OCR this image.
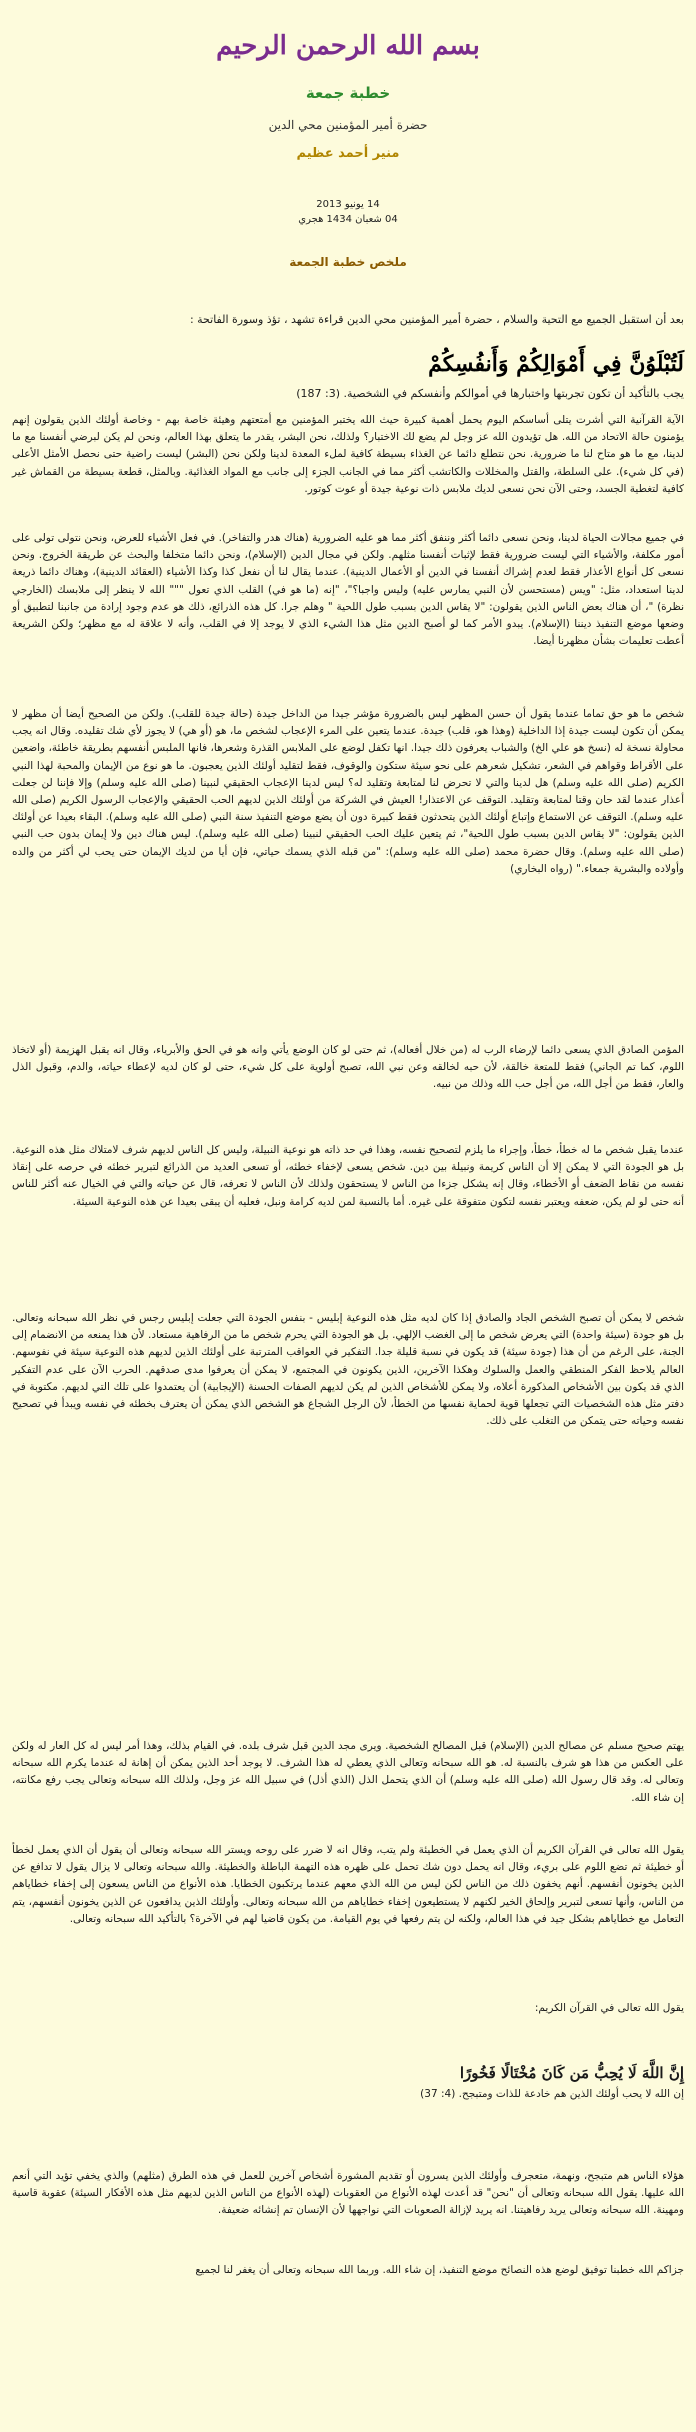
بسم الله الرحمن الرحيم
خطبة جمعة
حضرة أمير المؤمنين محي الدين
منير أحمد عظيم
14 يونيو 2013
04 شعبان 1434 هجري
ملخص خطبة الجمعة
بعد أن استقبل الجميع مع التحية والسلام ، حضرة أمير المؤمنين محي الدين قراءة تشهد ، تؤذ وسورة الفاتحة :
لَتُبْلَوُنَّ فِي أَمْوَالِكُمْ وَأَنفُسِكُمْ
يجب بالتأكيد أن تكون تجربتها واختبارها في أموالكم وأنفسكم في الشخصية. (3: 187)

الآية القرآنية التي أشرت يتلى أساسكم اليوم يحمل أهمية كبيرة حيث الله يختبر المؤمنين مع أمتعتهم وهيئة خاصة بهم - وخاصة أولئك الذين يقولون إنهم يؤمنون حالة الاتحاد من الله. هل تؤيدون الله عز وجل لم يضع لك الاختبار؟ ولذلك، نحن البشر، يقدر ما يتعلق بهذا العالم، ونحن لم يكن لبرضي أنفسنا مع ما لدينا، مع ما هو متاح لنا ما ضرورية. نحن نتطلع دائما عن الغذاء بسيطة كافية لملء المعدة لدينا ولكن نحن (البشر) ليست راضية حتى نحصل الأمثل الأعلى (في كل شيء). على السلطة، والقتل والمخللات والكاتشب أكثر مما في الجانب الجزء إلى جانب مع المواد الغذائية. وبالمثل، قطعة بسيطة من القماش غير كافية لتغطية الجسد، وحتى الآن نحن نسعى لديك ملابس ذات نوعية جيدة أو عوت كوتور.

في جميع مجالات الحياة لدينا، ونحن نسعى دائما أكثر وننفق أكثر مما هو عليه الضرورية (هناك هدر والتفاخر). في فعل الأشياء للعرض، ونحن نتولى تولى على أمور مكلفة، والأشياء التي ليست ضرورية فقط لإثبات أنفسنا مثلهم. ولكن في مجال الدين (الإسلام)، ونحن دائما متخلفا والبحث عن طريقة الخروج. ونحن نسعى كل أنواع الأعذار فقط لعدم إشراك أنفسنا في الدين أو الأعمال الدينية). عندما يقال لنا أن نفعل كذا وكذا الأشياء (العقائد الدينية)، وهناك دائما ذريعة لدينا استعداد، مثل: "ويس (مستحسن لأن النبي يمارس عليه) وليس واجبا؟"، "إنه (ما هو في) القلب الذي تعول """ الله لا ينظر إلى ملابسك (الخارجي نظرة) "، أن هناك بعض الناس الذين يقولون: "لا يقاس الدين بسبب طول اللحية " وهلم جرا. كل هذه الذرائع، ذلك هو عدم وجود إرادة من جانبنا لتطبيق أو وضعها موضع التنفيذ ديننا (الإسلام). يبدو الأمر كما لو أصبح الدين مثل هذا الشيء الذي لا يوجد إلا في القلب، وأنه لا علاقة له مع مظهر؛ ولكن الشريعة أعطت تعليمات بشأن مظهرنا أيضا.

شخص ما هو حق تماما عندما يقول أن حسن المظهر ليس بالضرورة مؤشر جيدا من الداخل جيدة (حالة جيدة للقلب). ولكن من الصحيح أيضا أن مظهر لا يمكن أن تكون ليست جيدة إذا الداخلية (وهذا هو، قلب) جيدة. عندما يتعين على المرء الإعجاب لشخص ما، هو (أو هي) لا يجوز لأي شك تقليده. وقال انه يجب محاولة نسخة له (نسخ هو علي الخ) والشباب يعرفون ذلك جيدا. انها تكفل لوضع على الملابس القذرة وشعرها، فانها الملبس أنفسهم بطريقة خاطئة، واضعين على الأقراط وقواهم في الشعر، تشكيل شعرهم على نحو سيئة ستكون والوقوف، فقط لتقليد أولئك الذين يعجبون. ما هو نوع من الإيمان والمحبة لهذا النبي الكريم (صلى الله عليه وسلم) هل لدينا والتي لا تحرض لنا لمتابعة وتقليد له؟ ليس لدينا الإعجاب الحقيقي لنبينا (صلى الله عليه وسلم) وإلا فإننا لن جعلت أعذار عندما لقد حان وقتا لمتابعة وتقليد. التوقف عن الاعتذار! العيش في الشركة من أولئك الذين لديهم الحب الحقيقي والإعجاب الرسول الكريم (صلى الله عليه وسلم). التوقف عن الاستماع وإتباع أولئك الذين يتحدثون فقط كبيرة دون أن يضع موضع التنفيذ سنة النبي (صلى الله عليه وسلم). البقاء بعيدا عن أولئك الذين يقولون: "لا يقاس الدين بسبب طول اللحية"، ثم يتعين عليك الحب الحقيقي لنبينا (صلى الله عليه وسلم). ليس هناك دين ولا إيمان بدون حب النبي (صلى الله عليه وسلم). وقال حضرة محمد (صلى الله عليه وسلم): "من قبله الذي يسمك حياتي، فإن أيا من لديك الإيمان حتى يحب لي أكثر من والده وأولاده والبشرية جمعاء." (رواه البخاري)

المؤمن الصادق الذي يسعى دائما لإرضاء الرب له (من خلال أفعاله)، ثم حتى لو كان الوضع يأتي وانه هو في الحق والأبرياء، وقال انه يقبل الهزيمة (أو لاتخاذ اللوم، كما تم الجاني) فقط للمتعة خالقة، لأن حبه لخالقه وعن نبي الله، تصبح أولوية على كل شيء، حتى لو كان لديه لإعطاء حياته، والدم، وقبول الذل والعار، فقط من أجل الله، من أجل حب الله وذلك من نبيه.

عندما يقبل شخص ما له خطأ، خطأ، وإجراء ما يلزم لتصحيح نفسه، وهذا في حد ذاته هو نوعية النبيلة، وليس كل الناس لديهم شرف لامتلاك مثل هذه النوعية. بل هو الجودة التي لا يمكن إلا أن الناس كريمة ونبيلة بين دين. شخص يسعى لإخفاء خطئه، أو تسعى العديد من الذرائع لتبرير خطئه في حرصه على إنقاذ نفسه من نقاط الضعف أو الأخطاء، وقال إنه يشكل جزءا من الناس لا يستحقون ولذلك لأن الناس لا تعرفه، قال عن حياته والتي في الخيال عنه أكثر للناس أنه حتى لو لم يكن، ضعفه ويعتبر نفسه لتكون متفوقة على غيره. أما بالنسبة لمن لديه كرامة ونبل، فعليه أن يبقى بعيدا عن هذه النوعية السيئة.

شخص لا يمكن أن تصبح الشخص الجاد والصادق إذا كان لديه مثل هذه النوعية إبليس - بنفس الجودة التي جعلت إبليس رجس في نظر الله سبحانه وتعالى. بل هو جودة (سيئة واحدة) التي يعرض شخص ما إلى الغضب الإلهي. بل هو الجودة التي يحرم شخص ما من الرفاهية مستعاد. لأن هذا يمنعه من الانضمام إلى الجنة، على الرغم من أن هذا (جودة سيئة) قد يكون في نسبة قليلة جدا. التفكير في العواقب المترتبة على أولئك الذين لديهم هذه النوعية سيئة في نفوسهم. العالم يلاحظ الفكر المنطقي والعمل والسلوك وهكذا الآخرين، الذين يكونون في المجتمع، لا يمكن أن يعرفوا مدى صدقهم. الحرب الآن على عدم التفكير الذي قد يكون بين الأشخاص المذكورة أعلاه، ولا يمكن للأشخاص الذين لم يكن لديهم الصفات الحسنة (الإيجابية) أن يعتمدوا على تلك التي لديهم. مكتوبة في دفتر مثل هذه الشخصيات التي تجعلها قوية لحماية نفسها من الخطأ، لأن الرجل الشجاع هو الشخص الذي يمكن أن يعترف بخطئه في نفسه ويبدأ في تصحيح نفسه وحياته حتى يتمكن من التغلب على ذلك.

يهتم صحيح مسلم عن مصالح الدين (الإسلام) قبل المصالح الشخصية. ويرى مجد الدين قبل شرف بلده. في القيام بذلك، وهذا أمر ليس له كل العار له ولكن على العكس من هذا هو شرف بالنسبة له. هو الله سبحانه وتعالى الذي يعطي له هذا الشرف. لا يوجد أحد الذين يمكن أن إهانة له عندما يكرم الله سبحانه وتعالى له. وقد قال رسول الله (صلى الله عليه وسلم) أن الذي يتحمل الذل (الذي أذل) في سبيل الله عز وجل، ولذلك الله سبحانه وتعالى يجب رفع مكانته، إن شاء الله.

يقول الله تعالى في القرآن الكريم أن الذي يعمل في الخطيئة ولم يتب، وقال انه لا ضرر على روحه ويستر الله سبحانه وتعالى أن يقول أن الذي يعمل لخطأ أو خطيئة ثم تضع اللوم على بريء، وقال انه يحمل دون شك تحمل على ظهره هذه التهمة الباطلة والخطيئة. والله سبحانه وتعالى لا يزال يقول لا تدافع عن الذين يخونون أنفسهم. أنهم يخفون ذلك من الناس لكن ليس من الله الذي معهم عندما يرتكبون الخطايا. هذه الأنواع من الناس يسعون إلى إخفاء خطاياهم من الناس، وأنها تسعى لتبرير وإلحاق الخير لكنهم لا يستطيعون إخفاء خطاياهم من الله سبحانه وتعالى. وأولئك الذين يدافعون عن الذين يخونون أنفسهم، يتم التعامل مع خطاياهم بشكل جيد في هذا العالم، ولكنه لن يتم رفعها في يوم القيامة. من يكون قاضيا لهم في الآخرة؟ بالتأكيد الله سبحانه وتعالى.

يقول الله تعالى في القرآن الكريم:

إِنَّ اللَّهَ لَا يُحِبُّ مَن كَانَ مُخْتَالًا فَخُورًا

إن الله لا يحب أولئك الذين هم خادعة للذات ومتبجح. (4: 37)

هؤلاء الناس هم متبجح، ونهمة، متعجرف وأولئك الذين يسرون أو تقديم المشورة أشخاص آخرين للعمل في هذه الطرق (مثلهم) والذي يخفي تؤيد التي أنعم الله عليها. يقول الله سبحانه وتعالى أن "نحن" قد أعدت لهذه الأنواع من العقوبات (لهذه الأنواع من الناس الذين لديهم مثل هذه الأفكار السيئة) عقوبة قاسية ومهينة. الله سبحانه وتعالى يريد رفاهيتنا. انه يريد لإزالة الصعوبات التي نواجهها لأن الإنسان تم إنشائه ضعيفة.

جزاكم الله خطبنا توفيق لوضع هذه النصائح موضع التنفيذ، إن شاء الله. وربما الله سبحانه وتعالى أن يغفر لنا لجميع
